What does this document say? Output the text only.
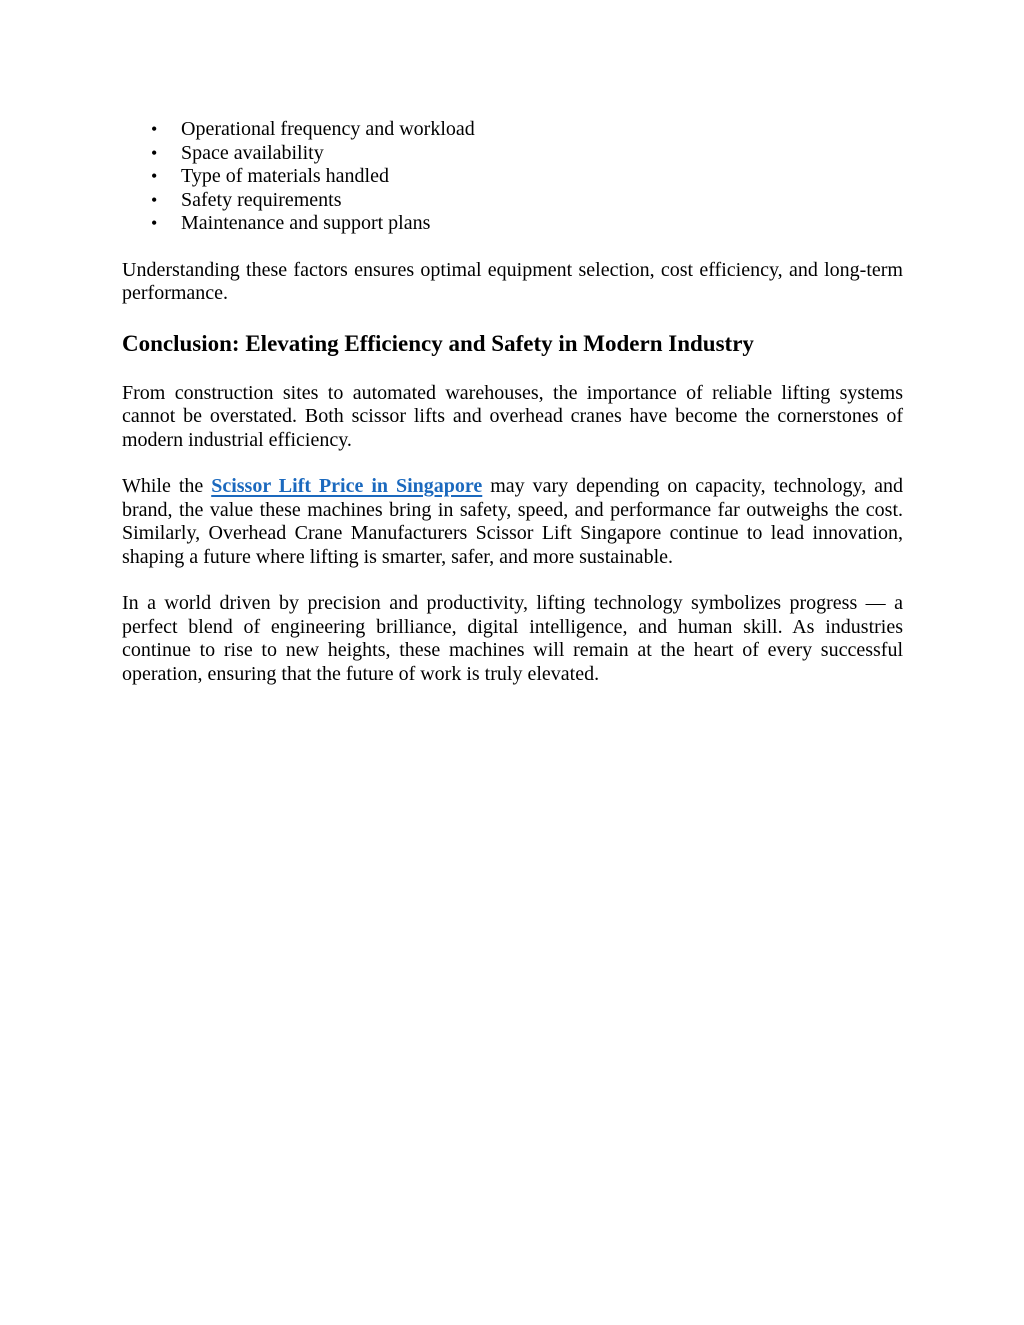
• Operational frequency and workload
• Space availability
• Type of materials handled
• Safety requirements
• Maintenance and support plans

Understanding these factors ensures optimal equipment selection, cost efficiency, and long-term performance.

Conclusion: Elevating Efficiency and Safety in Modern Industry

From construction sites to automated warehouses, the importance of reliable lifting systems cannot be overstated. Both scissor lifts and overhead cranes have become the cornerstones of modern industrial efficiency.

While the Scissor Lift Price in Singapore may vary depending on capacity, technology, and brand, the value these machines bring in safety, speed, and performance far outweighs the cost. Similarly, Overhead Crane Manufacturers Scissor Lift Singapore continue to lead innovation, shaping a future where lifting is smarter, safer, and more sustainable.

In a world driven by precision and productivity, lifting technology symbolizes progress — a perfect blend of engineering brilliance, digital intelligence, and human skill. As industries continue to rise to new heights, these machines will remain at the heart of every successful operation, ensuring that the future of work is truly elevated.
